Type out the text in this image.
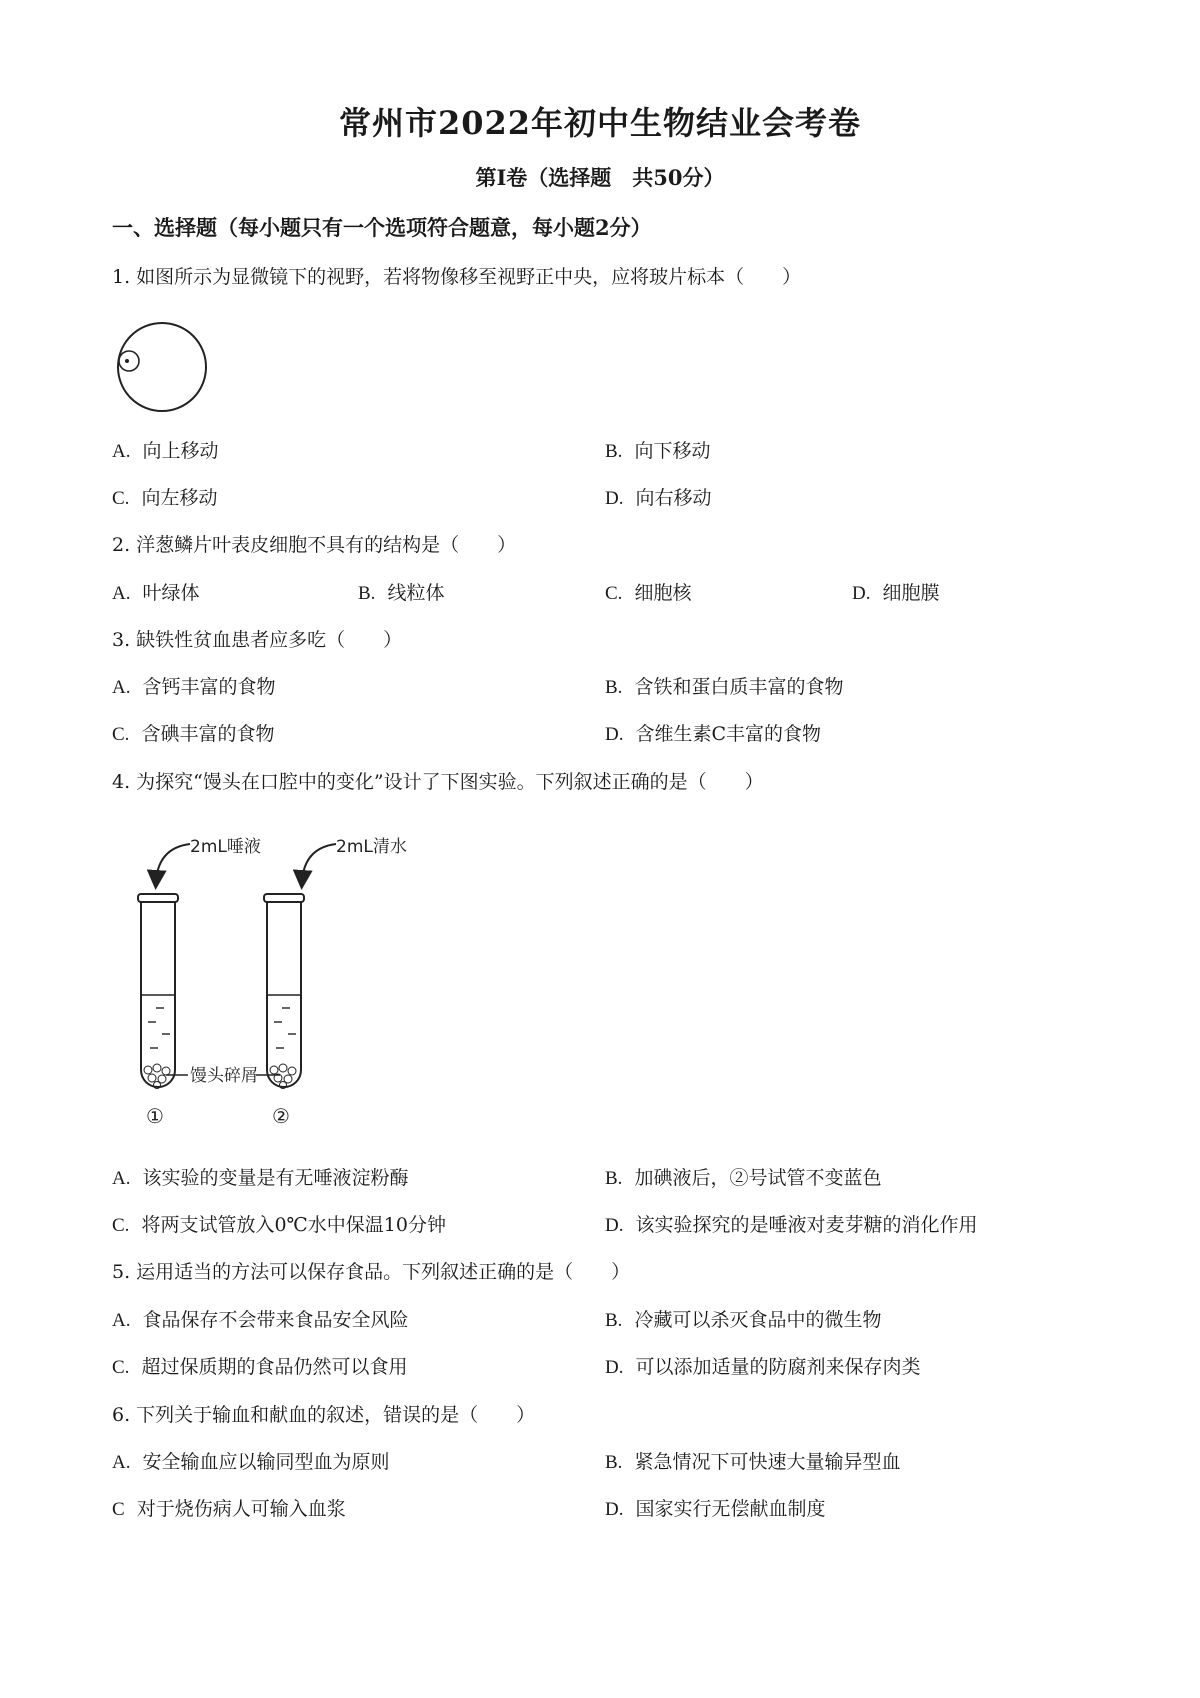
常州市2022年初中生物结业会考卷
第Ⅰ卷（选择题　共50分）
一、选择题（每小题只有一个选项符合题意，每小题2分）
1. 如图所示为显微镜下的视野，若将物像移至视野正中央，应将玻片标本（　　）
A. 向上移动	B. 向下移动
C. 向左移动	D. 向右移动
2. 洋葱鳞片叶表皮细胞不具有的结构是（　　）
A. 叶绿体	B. 线粒体	C. 细胞核	D. 细胞膜
3. 缺铁性贫血患者应多吃（　　）
A. 含钙丰富的食物	B. 含铁和蛋白质丰富的食物
C. 含碘丰富的食物	D. 含维生素C丰富的食物
4. 为探究“馒头在口腔中的变化”设计了下图实验。下列叙述正确的是（　　）
2mL唾液	2mL清水
馒头碎屑
①	②
A. 该实验的变量是有无唾液淀粉酶	B. 加碘液后，②号试管不变蓝色
C. 将两支试管放入0℃水中保温10分钟	D. 该实验探究的是唾液对麦芽糖的消化作用
5. 运用适当的方法可以保存食品。下列叙述正确的是（　　）
A. 食品保存不会带来食品安全风险	B. 冷藏可以杀灭食品中的微生物
C. 超过保质期的食品仍然可以食用	D. 可以添加适量的防腐剂来保存肉类
6. 下列关于输血和献血的叙述，错误的是（　　）
A. 安全输血应以输同型血为原则	B. 紧急情况下可快速大量输异型血
C 对于烧伤病人可输入血浆	D. 国家实行无偿献血制度
